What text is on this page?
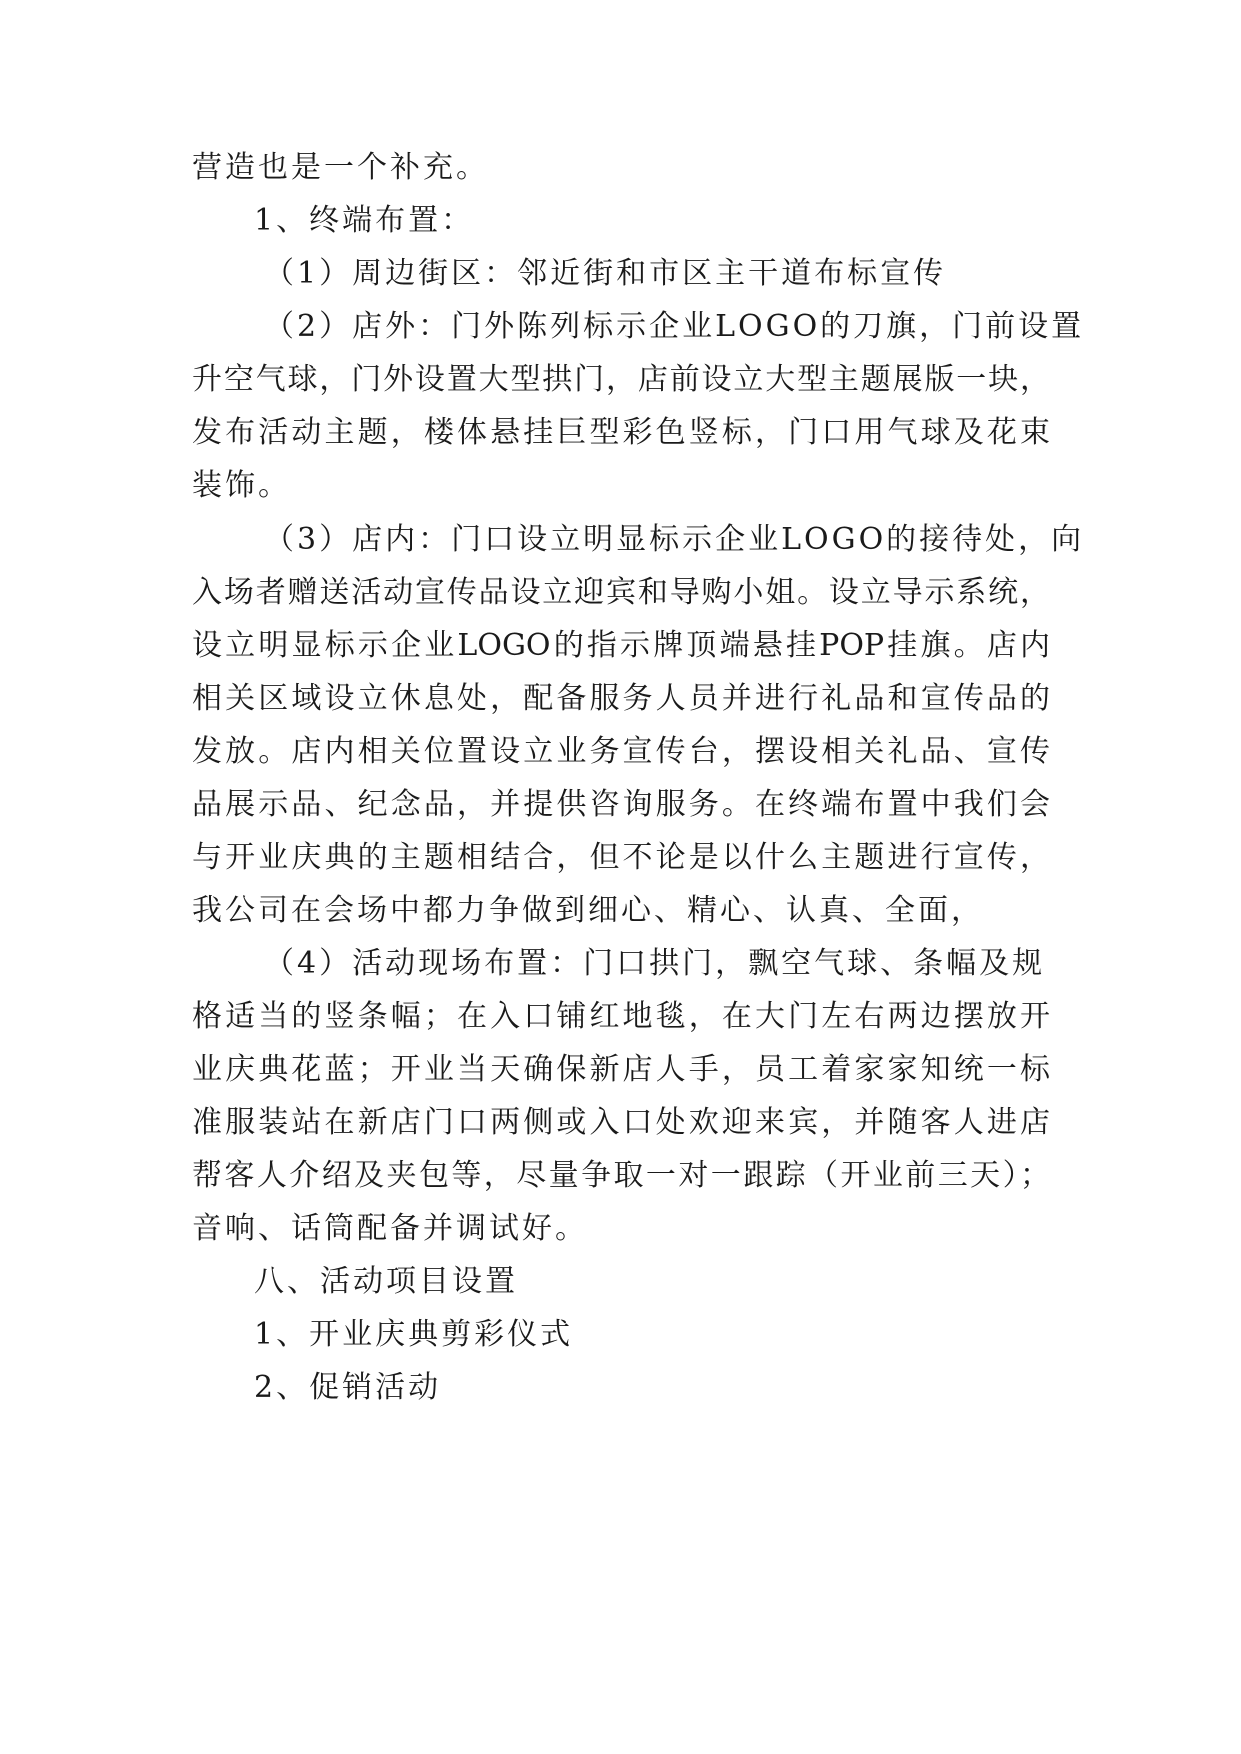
营造也是一个补充。
1、终端布置：
（1）周边街区：邻近街和市区主干道布标宣传
（2）店外：门外陈列标示企业LOGO的刀旗，门前设置
升空气球，门外设置大型拱门，店前设立大型主题展版一块，
发布活动主题，楼体悬挂巨型彩色竖标，门口用气球及花束
装饰。
（3）店内：门口设立明显标示企业LOGO的接待处，向
入场者赠送活动宣传品设立迎宾和导购小姐。设立导示系统，
设立明显标示企业LOGO的指示牌顶端悬挂POP挂旗。店内
相关区域设立休息处，配备服务人员并进行礼品和宣传品的
发放。店内相关位置设立业务宣传台，摆设相关礼品、宣传
品展示品、纪念品，并提供咨询服务。在终端布置中我们会
与开业庆典的主题相结合，但不论是以什么主题进行宣传，
我公司在会场中都力争做到细心、精心、认真、全面，
（4）活动现场布置：门口拱门，飘空气球、条幅及规
格适当的竖条幅；在入口铺红地毯，在大门左右两边摆放开
业庆典花蓝；开业当天确保新店人手，员工着家家知统一标
准服装站在新店门口两侧或入口处欢迎来宾，并随客人进店
帮客人介绍及夹包等，尽量争取一对一跟踪（开业前三天）；
音响、话筒配备并调试好。
八、活动项目设置
1、开业庆典剪彩仪式
2、促销活动
